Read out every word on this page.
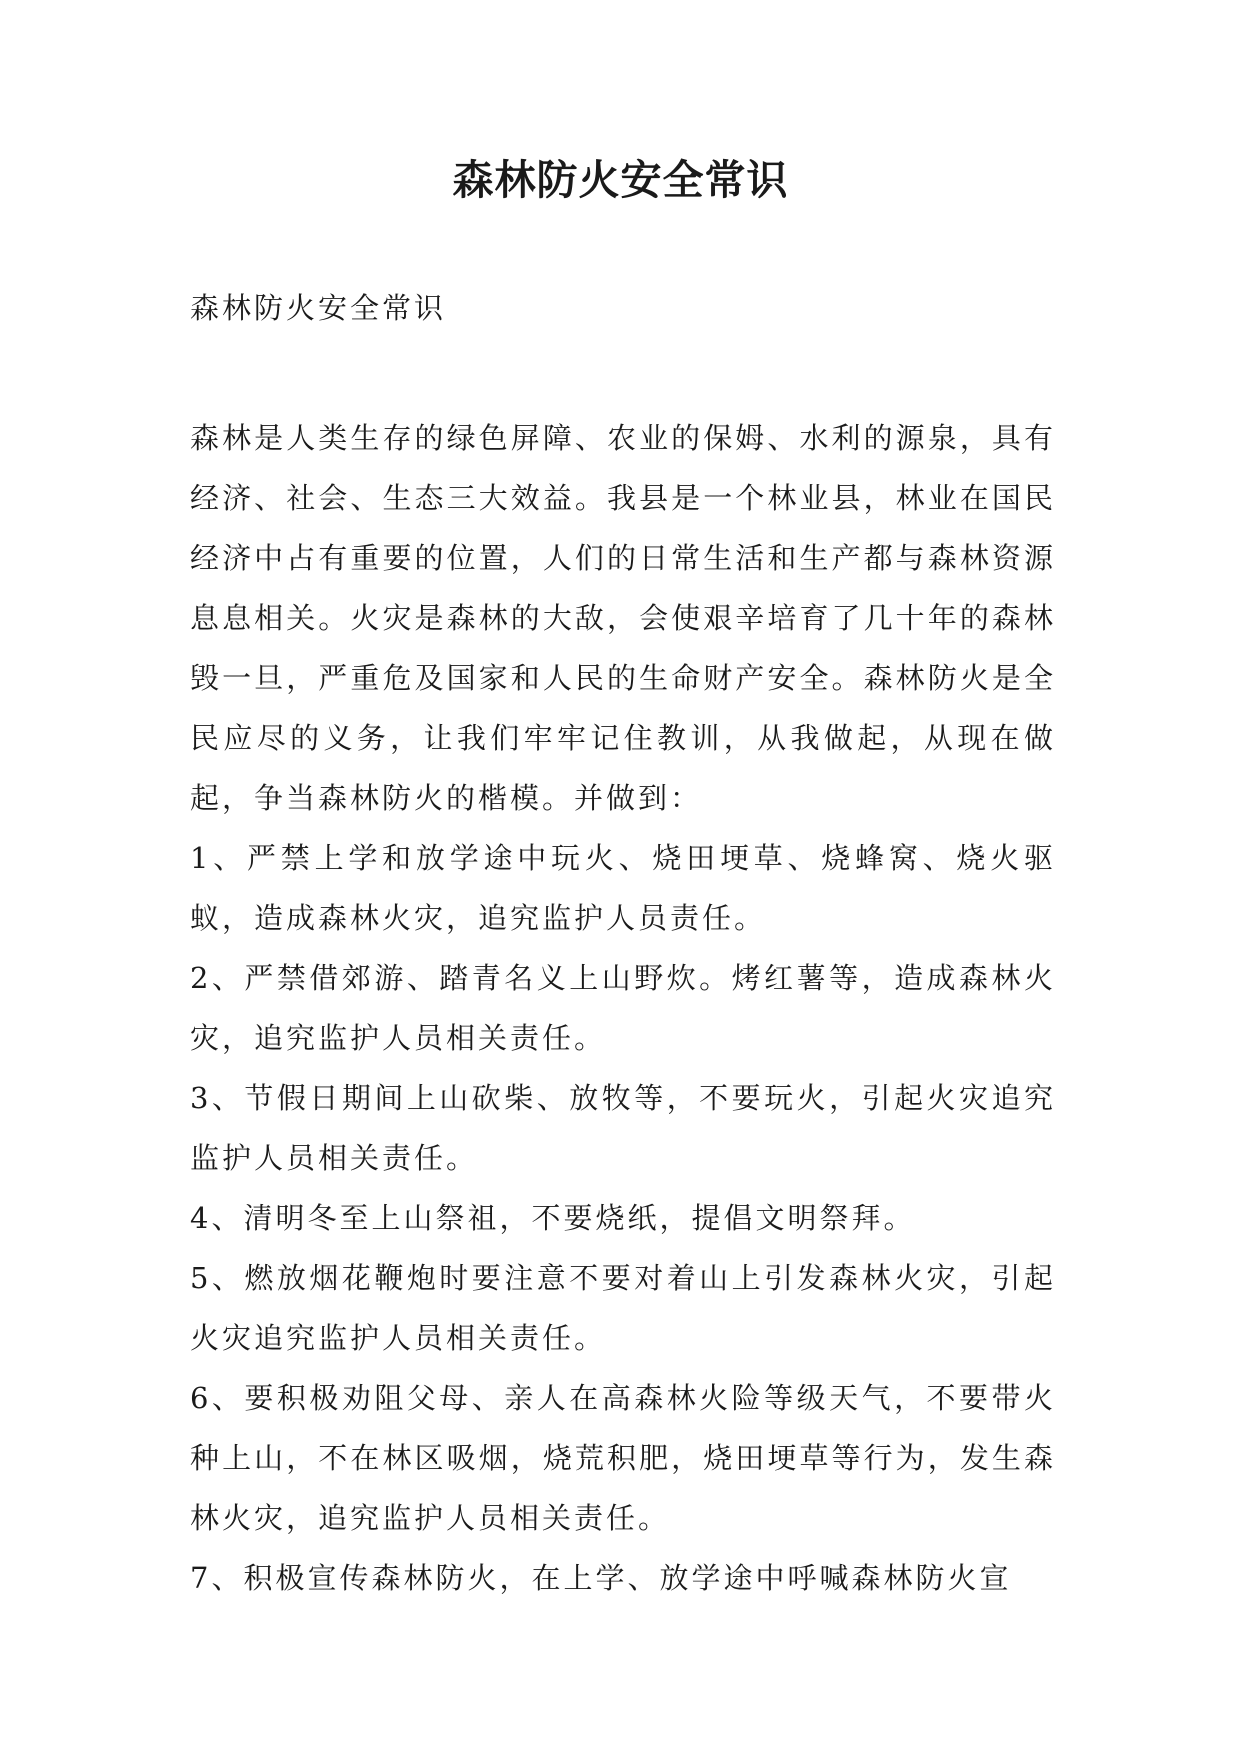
森林防火安全常识

森林防火安全常识

森林是人类生存的绿色屏障、农业的保姆、水利的源泉，具有经济、社会、生态三大效益。我县是一个林业县，林业在国民经济中占有重要的位置，人们的日常生活和生产都与森林资源息息相关。火灾是森林的大敌，会使艰辛培育了几十年的森林毁一旦，严重危及国家和人民的生命财产安全。森林防火是全民应尽的义务，让我们牢牢记住教训，从我做起，从现在做起，争当森林防火的楷模。并做到：

1、严禁上学和放学途中玩火、烧田埂草、烧蜂窝、烧火驱蚁，造成森林火灾，追究监护人员责任。

2、严禁借郊游、踏青名义上山野炊。烤红薯等，造成森林火灾，追究监护人员相关责任。

3、节假日期间上山砍柴、放牧等，不要玩火，引起火灾追究监护人员相关责任。

4、清明冬至上山祭祖，不要烧纸，提倡文明祭拜。

5、燃放烟花鞭炮时要注意不要对着山上引发森林火灾，引起火灾追究监护人员相关责任。

6、要积极劝阻父母、亲人在高森林火险等级天气，不要带火种上山，不在林区吸烟，烧荒积肥，烧田埂草等行为，发生森林火灾，追究监护人员相关责任。

7、积极宣传森林防火，在上学、放学途中呼喊森林防火宣
